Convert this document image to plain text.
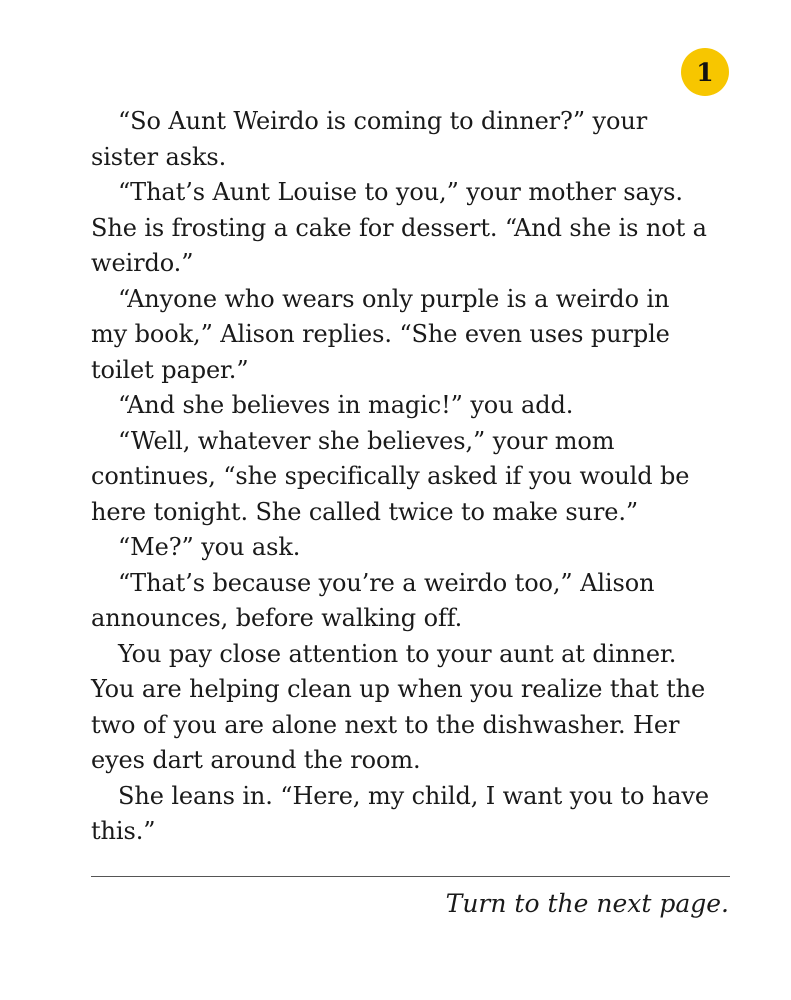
1

“So Aunt Weirdo is coming to dinner?” your
sister asks.

“That’s Aunt Louise to you,” your mother says.
She is frosting a cake for dessert. “And she is not a
weirdo.”

“Anyone who wears only purple is a weirdo in
my book,” Alison replies. “She even uses purple
toilet paper.”

“And she believes in magic!” you add.

“Well, whatever she believes,” your mom
continues, “she specifically asked if you would be
here tonight. She called twice to make sure.”

“Me?” you ask.

“That’s because you’re a weirdo too,” Alison
announces, before walking off.

You pay close attention to your aunt at dinner.
You are helping clean up when you realize that the
two of you are alone next to the dishwasher. Her
eyes dart around the room.

She leans in. “Here, my child, I want you to have
this.”

Turn to the next page.
